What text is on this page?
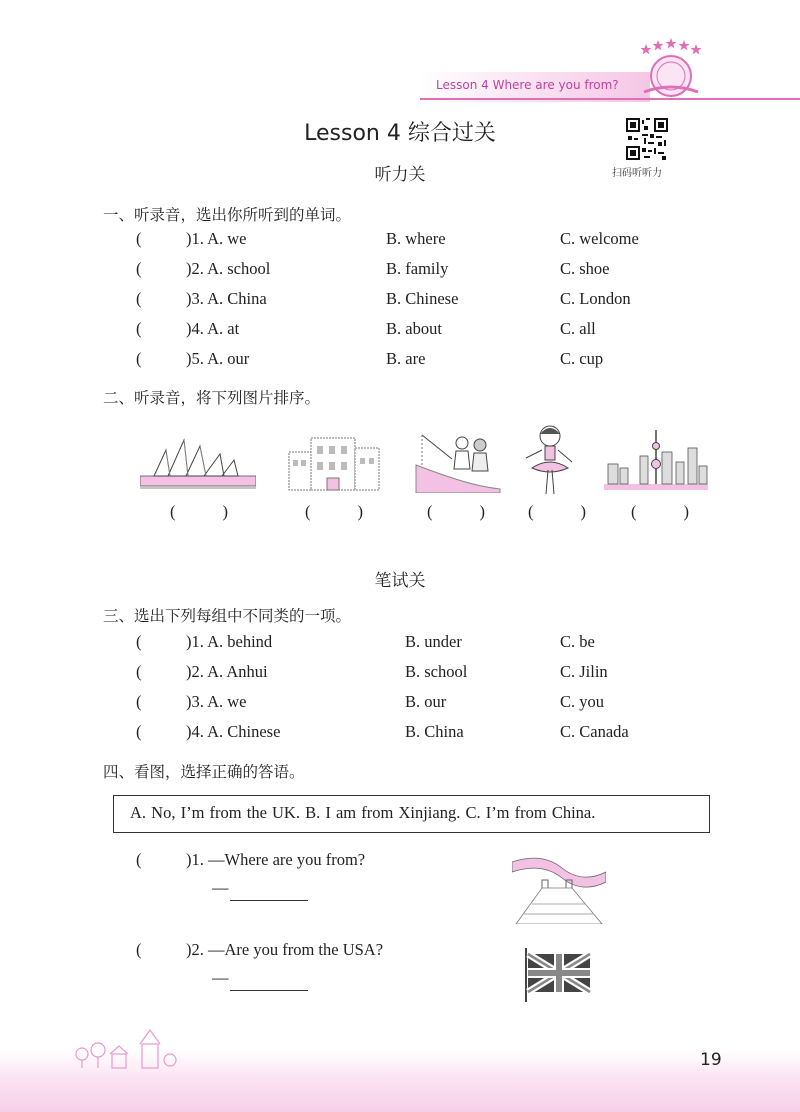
Lesson 4 Where are you from?
Lesson 4 综合过关
扫码听听力
听力关
一、听录音，选出你所听到的单词。
(	)1. A. we	B. where	C. welcome
(	)2. A. school	B. family	C. shoe
(	)3. A. China	B. Chinese	C. London
(	)4. A. at	B. about	C. all
(	)5. A. our	B. are	C. cup
二、听录音，将下列图片排序。
(	)	(	)	(	)	(	)	(	)
笔试关
三、选出下列每组中不同类的一项。
(	)1. A. behind	B. under	C. be
(	)2. A. Anhui	B. school	C. Jilin
(	)3. A. we	B. our	C. you
(	)4. A. Chinese	B. China	C. Canada
四、看图，选择正确的答语。
A. No, I’m from the UK. B. I am from Xinjiang. C. I’m from China.
(	)1. —Where are you from?
—
(	)2. —Are you from the USA?
—
19
